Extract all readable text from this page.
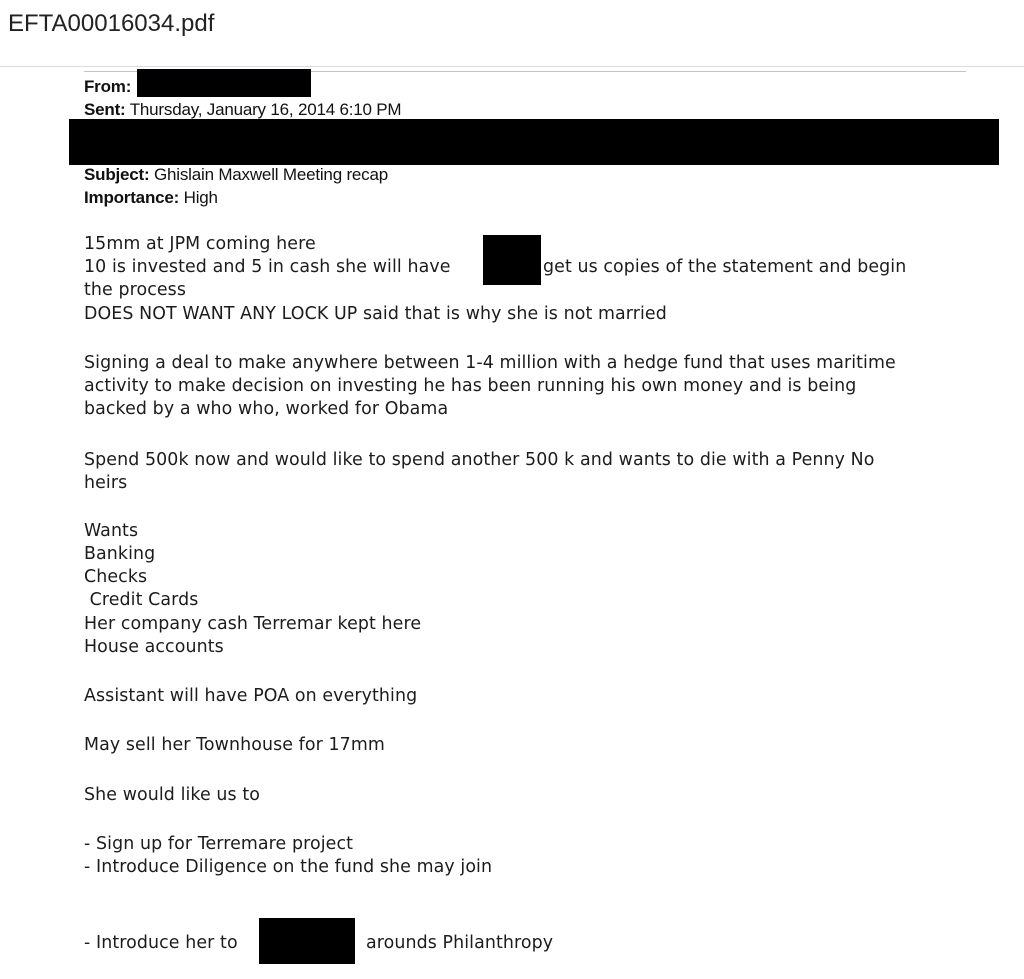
EFTA00016034.pdf
From:
Sent: Thursday, January 16, 2014 6:10 PM
Subject: Ghislain Maxwell Meeting recap
Importance: High
15mm at JPM coming here
10 is invested and 5 in cash she will have	get us copies of the statement and begin
the process
DOES NOT WANT ANY LOCK UP said that is why she is not married
Signing a deal to make anywhere between 1-4 million with a hedge fund that uses maritime
activity to make decision on investing he has been running his own money and is being
backed by a who who, worked for Obama
Spend 500k now and would like to spend another 500 k and wants to die with a Penny No
heirs
Wants
Banking
Checks
Credit Cards
Her company cash Terremar kept here
House accounts
Assistant will have POA on everything
May sell her Townhouse for 17mm
She would like us to
- Sign up for Terremare project
- Introduce Diligence on the fund she may join
- Introduce her to	arounds Philanthropy
